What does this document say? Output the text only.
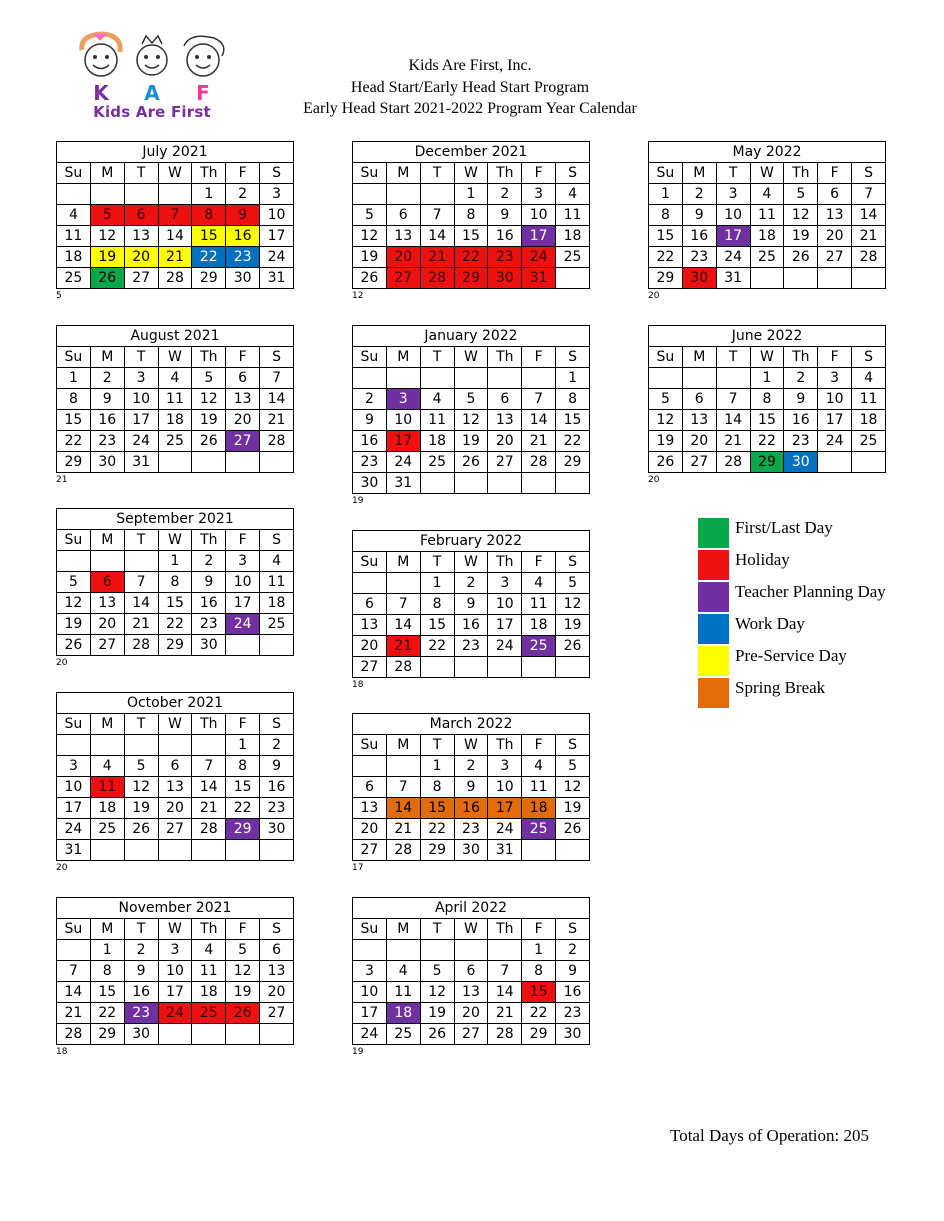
K A F
Kids Are First
Kids Are First, Inc.
Head Start/Early Head Start Program
Early Head Start 2021-2022 Program Year Calendar
July 2021						
Su	M	T	W	Th	F	S
				1	2	3
4	5	6	7	8	9	10
11	12	13	14	15	16	17
18	19	20	21	22	23	24
25	26	27	28	29	30	31
5
August 2021						
Su	M	T	W	Th	F	S
1	2	3	4	5	6	7
8	9	10	11	12	13	14
15	16	17	18	19	20	21
22	23	24	25	26	27	28
29	30	31				
21
September 2021						
Su	M	T	W	Th	F	S
			1	2	3	4
5	6	7	8	9	10	11
12	13	14	15	16	17	18
19	20	21	22	23	24	25
26	27	28	29	30		
20
October 2021						
Su	M	T	W	Th	F	S
					1	2
3	4	5	6	7	8	9
10	11	12	13	14	15	16
17	18	19	20	21	22	23
24	25	26	27	28	29	30
31						
20
November 2021						
Su	M	T	W	Th	F	S
	1	2	3	4	5	6
7	8	9	10	11	12	13
14	15	16	17	18	19	20
21	22	23	24	25	26	27
28	29	30				
18
December 2021						
Su	M	T	W	Th	F	S
			1	2	3	4
5	6	7	8	9	10	11
12	13	14	15	16	17	18
19	20	21	22	23	24	25
26	27	28	29	30	31	
12
January 2022						
Su	M	T	W	Th	F	S
						1
2	3	4	5	6	7	8
9	10	11	12	13	14	15
16	17	18	19	20	21	22
23	24	25	26	27	28	29
30	31					
19
February 2022						
Su	M	T	W	Th	F	S
		1	2	3	4	5
6	7	8	9	10	11	12
13	14	15	16	17	18	19
20	21	22	23	24	25	26
27	28					
18
March 2022						
Su	M	T	W	Th	F	S
		1	2	3	4	5
6	7	8	9	10	11	12
13	14	15	16	17	18	19
20	21	22	23	24	25	26
27	28	29	30	31		
17
April 2022						
Su	M	T	W	Th	F	S
					1	2
3	4	5	6	7	8	9
10	11	12	13	14	15	16
17	18	19	20	21	22	23
24	25	26	27	28	29	30
19
May 2022						
Su	M	T	W	Th	F	S
1	2	3	4	5	6	7
8	9	10	11	12	13	14
15	16	17	18	19	20	21
22	23	24	25	26	27	28
29	30	31				
20
June 2022						
Su	M	T	W	Th	F	S
			1	2	3	4
5	6	7	8	9	10	11
12	13	14	15	16	17	18
19	20	21	22	23	24	25
26	27	28	29	30		
20
First/Last Day
Holiday
Teacher Planning Day
Work Day
Pre-Service Day
Spring Break
Total Days of Operation: 205
